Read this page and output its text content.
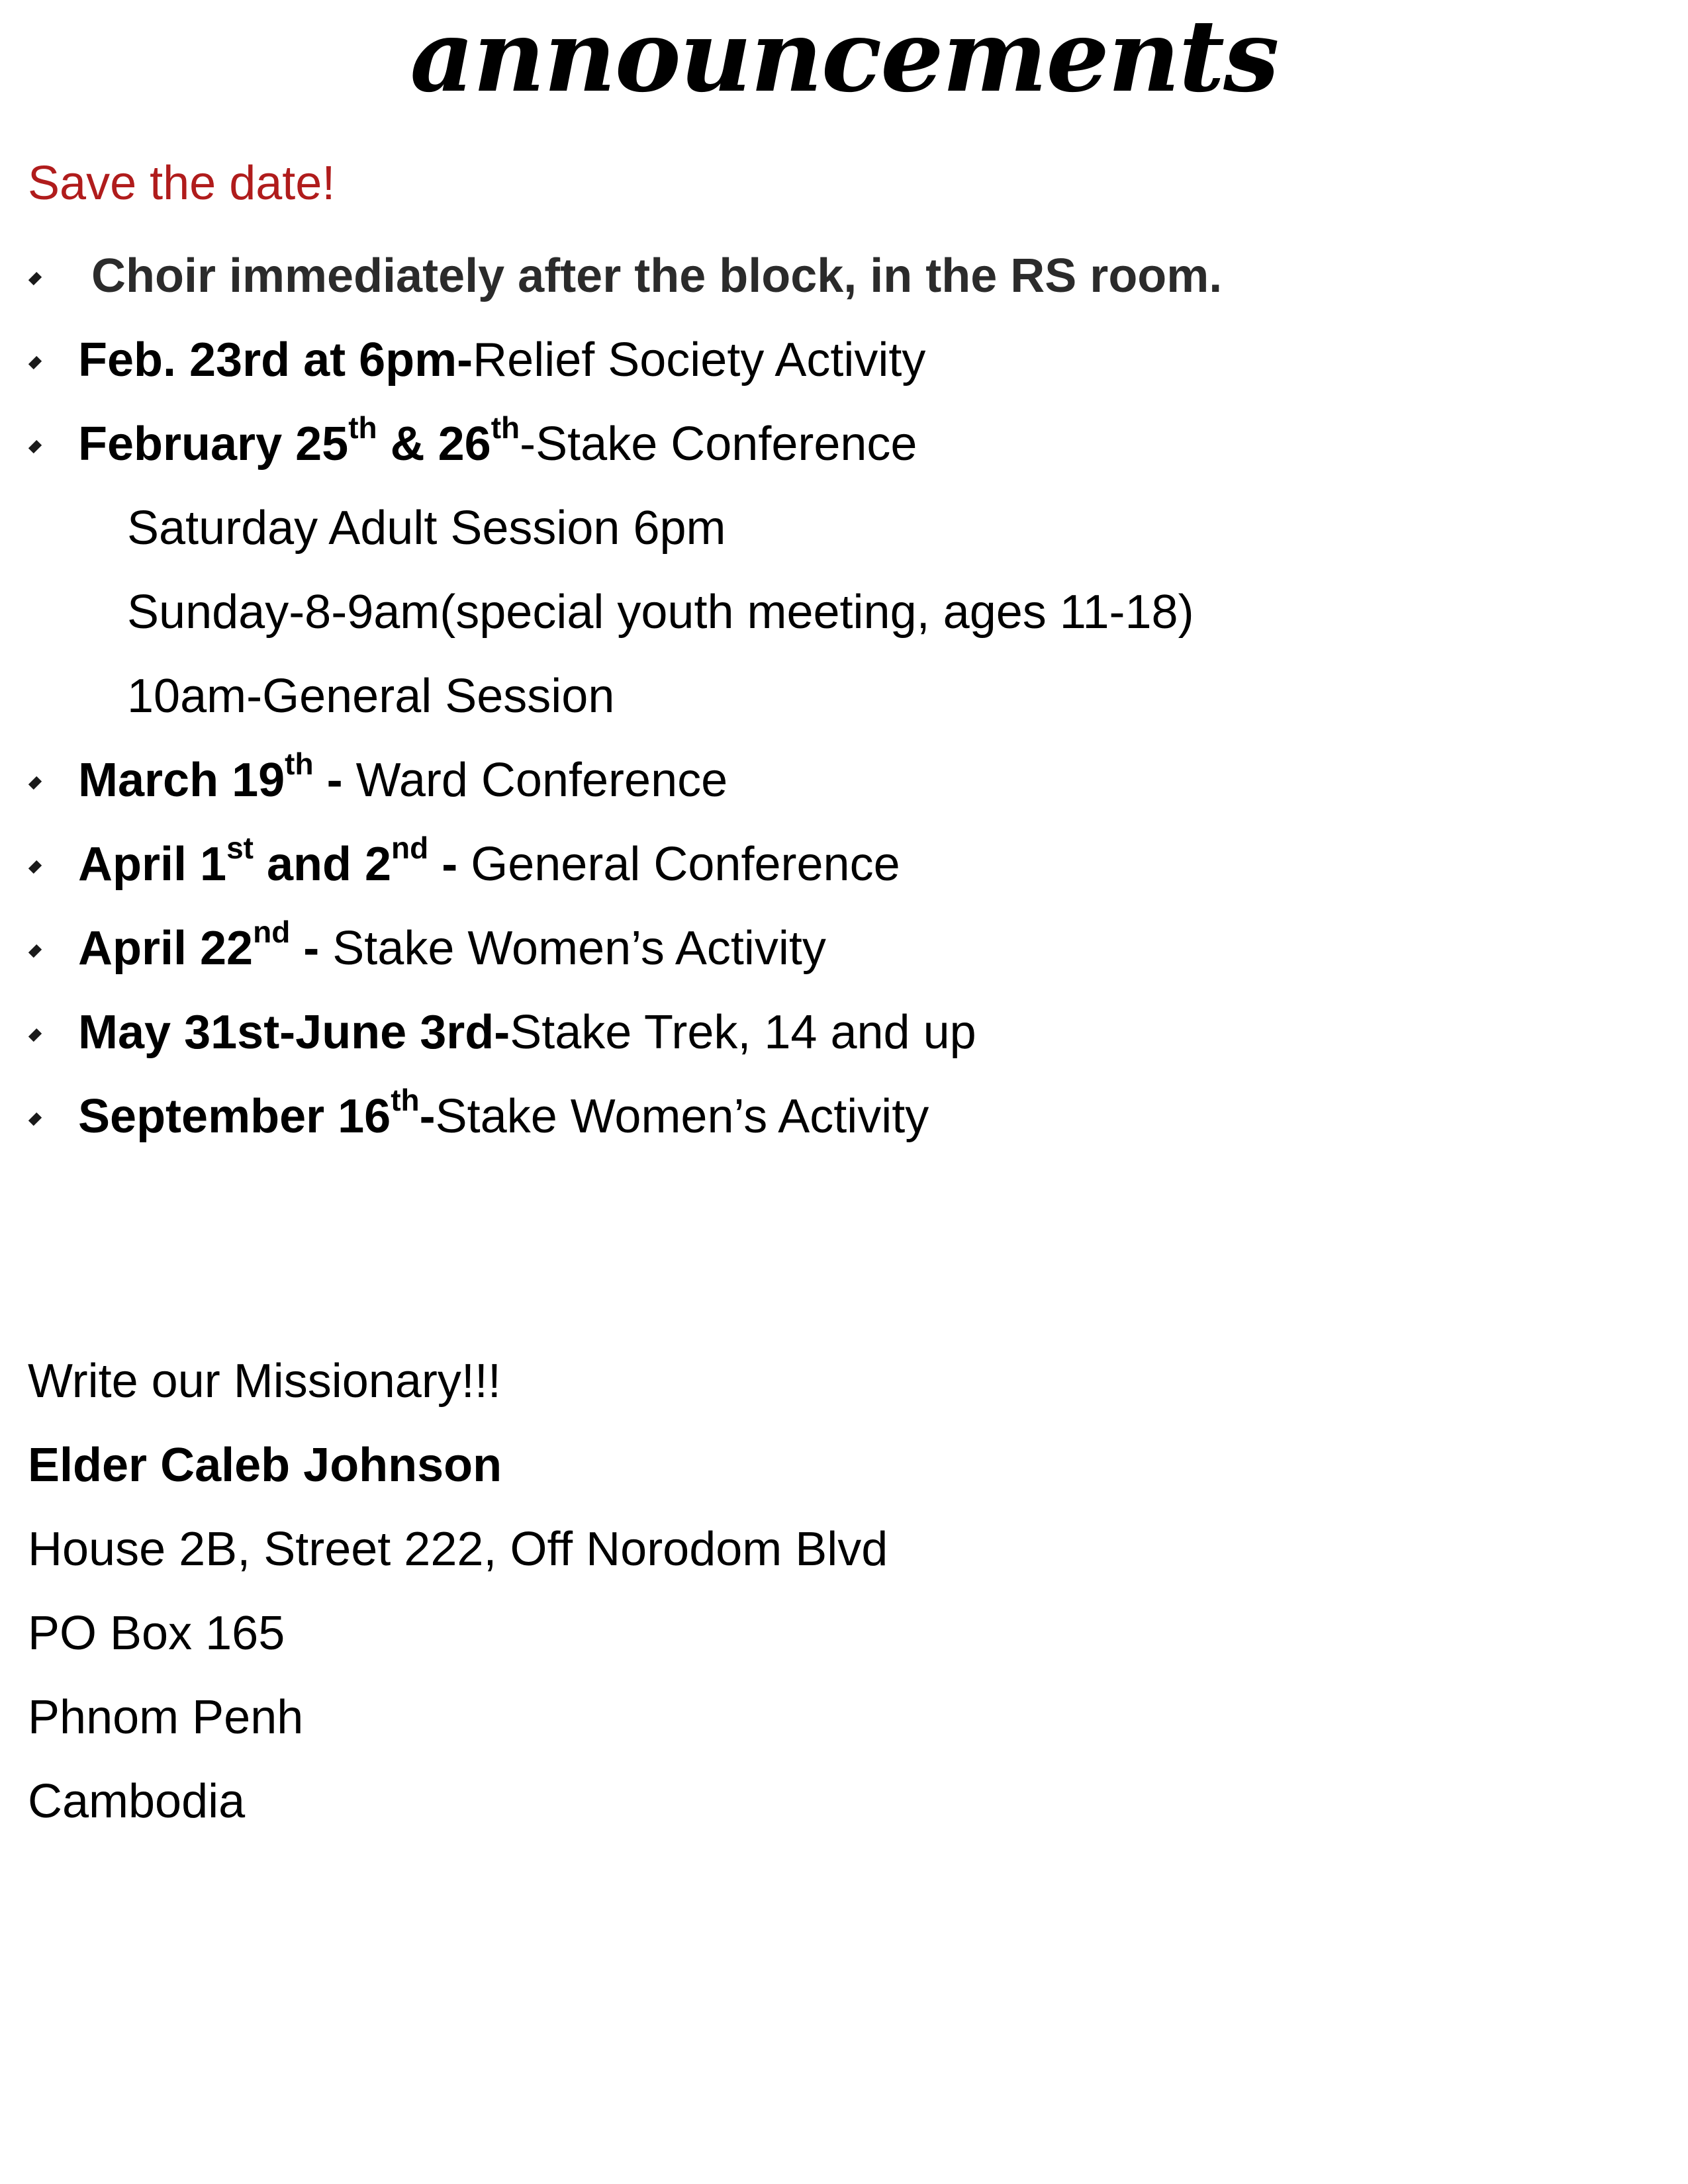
announcements
Save the date!
Choir immediately after the block, in the RS room.
Feb. 23rd at 6pm-Relief Society Activity
February 25th & 26th-Stake Conference
Saturday Adult Session 6pm
Sunday-8-9am(special youth meeting, ages 11-18)
10am-General Session
March 19th - Ward Conference
April 1st and 2nd - General Conference
April 22nd - Stake Women’s Activity
May 31st-June 3rd-Stake Trek, 14 and up
September 16th-Stake Women’s Activity
Write our Missionary!!!
Elder Caleb Johnson
House 2B, Street 222, Off Norodom Blvd
PO Box 165
Phnom Penh
Cambodia
